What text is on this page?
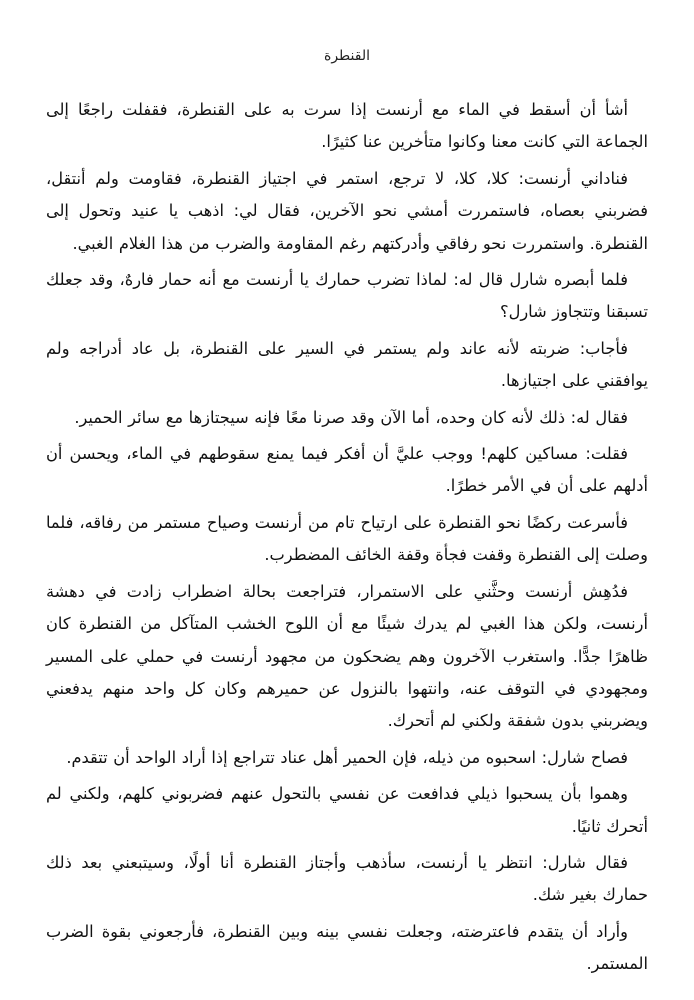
القنطرة

أشأ أن أسقط في الماء مع أرنست إذا سرت به على القنطرة، فقفلت راجعًا إلى الجماعة التي كانت معنا وكانوا متأخرين عنا كثيرًا.

فناداني أرنست: كلا، كلا، لا ترجع، استمر في اجتياز القنطرة، فقاومت ولم أنتقل، فضربني بعصاه، فاستمررت أمشي نحو الآخرين، فقال لي: اذهب يا عنيد وتحول إلى القنطرة. واستمررت نحو رفاقي وأدركتهم رغم المقاومة والضرب من هذا الغلام الغبي.

فلما أبصره شارل قال له: لماذا تضرب حمارك يا أرنست مع أنه حمار فارهٌ، وقد جعلك تسبقنا وتتجاوز شارل؟

فأجاب: ضربته لأنه عاند ولم يستمر في السير على القنطرة، بل عاد أدراجه ولم يوافقني على اجتيازها.

فقال له: ذلك لأنه كان وحده، أما الآن وقد صرنا معًا فإنه سيجتازها مع سائر الحمير.

فقلت: مساكين كلهم! ووجب عليَّ أن أفكر فيما يمنع سقوطهم في الماء، ويحسن أن أدلهم على أن في الأمر خطرًا.

فأسرعت ركضًا نحو القنطرة على ارتياح تام من أرنست وصياح مستمر من رفاقه، فلما وصلت إلى القنطرة وقفت فجأة وقفة الخائف المضطرب.

فدُهِش أرنست وحثَّني على الاستمرار، فتراجعت بحالة اضطراب زادت في دهشة أرنست، ولكن هذا الغبي لم يدرك شيئًا مع أن اللوح الخشب المتآكل من القنطرة كان ظاهرًا جدًّا. واستغرب الآخرون وهم يضحكون من مجهود أرنست في حملي على المسير ومجهودي في التوقف عنه، وانتهوا بالنزول عن حميرهم وكان كل واحد منهم يدفعني ويضربني بدون شفقة ولكني لم أتحرك.

فصاح شارل: اسحبوه من ذيله، فإن الحمير أهل عناد تتراجع إذا أراد الواحد أن تتقدم.

وهموا بأن يسحبوا ذيلي فدافعت عن نفسي بالتحول عنهم فضربوني كلهم، ولكني لم أتحرك ثانيًا.

فقال شارل: انتظر يا أرنست، سأذهب وأجتاز القنطرة أنا أولًا، وسيتبعني بعد ذلك حمارك بغير شك.

وأراد أن يتقدم فاعترضته، وجعلت نفسي بينه وبين القنطرة، فأرجعوني بقوة الضرب المستمر.
